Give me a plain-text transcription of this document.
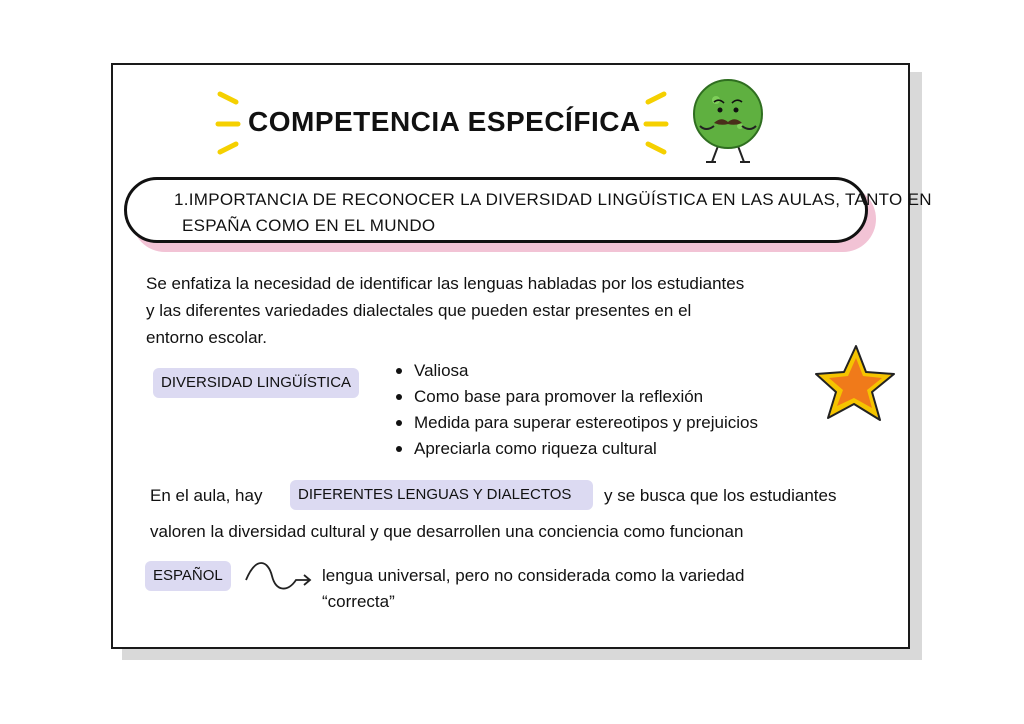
COMPETENCIA ESPECÍFICA
1.IMPORTANCIA DE RECONOCER LA DIVERSIDAD LINGÜÍSTICA EN LAS AULAS, TANTO EN
ESPAÑA COMO EN EL MUNDO
Se enfatiza la necesidad de identificar las lenguas habladas por los estudiantes
y las diferentes variedades dialectales que pueden estar presentes en el
entorno escolar.
DIVERSIDAD LINGÜÍSTICA
Valiosa
Como base para promover la reflexión
Medida para superar estereotipos y prejuicios
Apreciarla como riqueza cultural
En el aula, hay	DIFERENTES LENGUAS Y DIALECTOS	y se busca que los estudiantes
valoren la diversidad cultural y que desarrollen una conciencia como funcionan
ESPAÑOL	lengua universal, pero no considerada como la variedad
“correcta”
